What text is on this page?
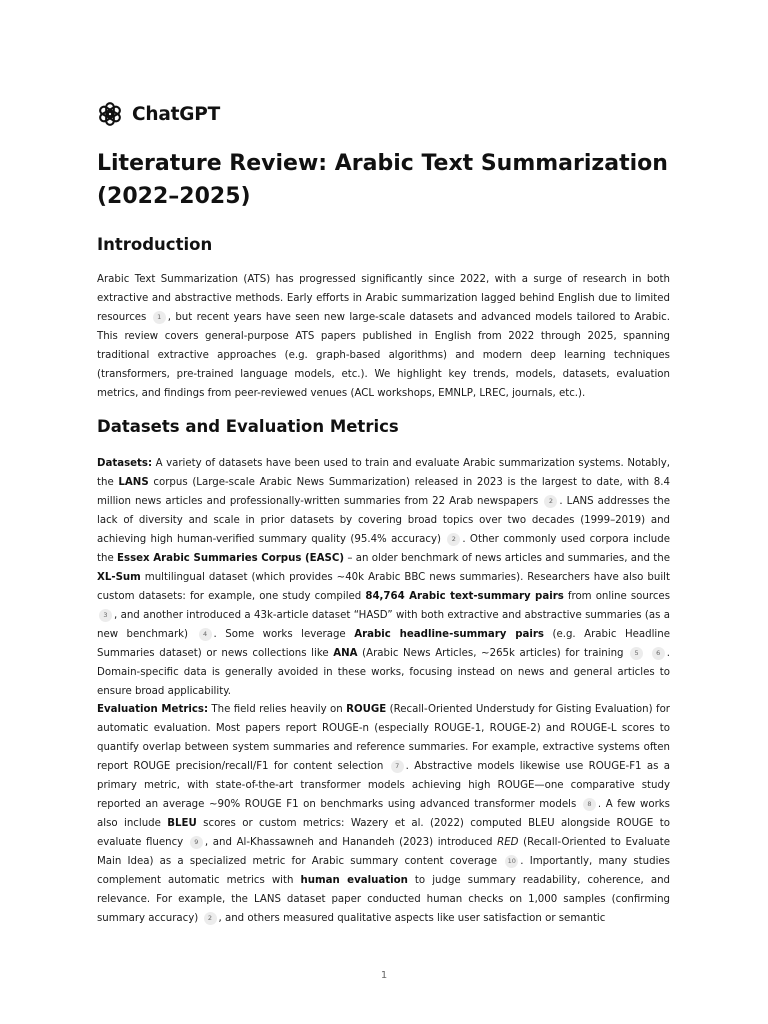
ChatGPT
Literature Review: Arabic Text Summarization (2022–2025)
Introduction

Arabic Text Summarization (ATS) has progressed significantly since 2022, with a surge of research in both extractive and abstractive methods. Early efforts in Arabic summarization lagged behind English due to limited resources 1 , but recent years have seen new large-scale datasets and advanced models tailored to Arabic. This review covers general-purpose ATS papers published in English from 2022 through 2025, spanning traditional extractive approaches (e.g. graph-based algorithms) and modern deep learning techniques (transformers, pre-trained language models, etc.). We highlight key trends, models, datasets, evaluation metrics, and findings from peer-reviewed venues (ACL workshops, EMNLP, LREC, journals, etc.).

Datasets and Evaluation Metrics

Datasets: A variety of datasets have been used to train and evaluate Arabic summarization systems. Notably, the LANS corpus (Large-scale Arabic News Summarization) released in 2023 is the largest to date, with 8.4 million news articles and professionally-written summaries from 22 Arab newspapers 2 . LANS addresses the lack of diversity and scale in prior datasets by covering broad topics over two decades (1999–2019) and achieving high human-verified summary quality (95.4% accuracy) 2 . Other commonly used corpora include the Essex Arabic Summaries Corpus (EASC) – an older benchmark of news articles and summaries, and the XL-Sum multilingual dataset (which provides ~40k Arabic BBC news summaries). Researchers have also built custom datasets: for example, one study compiled 84,764 Arabic text-summary pairs from online sources 3 , and another introduced a 43k-article dataset “HASD” with both extractive and abstractive summaries (as a new benchmark) 4 . Some works leverage Arabic headline-summary pairs (e.g. Arabic Headline Summaries dataset) or news collections like ANA (Arabic News Articles, ~265k articles) for training 5	6 . Domain-specific data is generally avoided in these works, focusing instead on news and general articles to ensure broad applicability.

Evaluation Metrics: The field relies heavily on ROUGE (Recall-Oriented Understudy for Gisting Evaluation) for automatic evaluation. Most papers report ROUGE-n (especially ROUGE-1, ROUGE-2) and ROUGE-L scores to quantify overlap between system summaries and reference summaries. For example, extractive systems often report ROUGE precision/recall/F1 for content selection 7 . Abstractive models likewise use ROUGE-F1 as a primary metric, with state-of-the-art transformer models achieving high ROUGE—one comparative study reported an average ~90% ROUGE F1 on benchmarks using advanced transformer models 8 . A few works also include BLEU scores or custom metrics: Wazery et al. (2022) computed BLEU alongside ROUGE to evaluate fluency 9 , and Al-Khassawneh and Hanandeh (2023) introduced RED (Recall-Oriented to Evaluate Main Idea) as a specialized metric for Arabic summary content coverage 10 . Importantly, many studies complement automatic metrics with human evaluation to judge summary readability, coherence, and relevance. For example, the LANS dataset paper conducted human checks on 1,000 samples (confirming summary accuracy) 2 , and others measured qualitative aspects like user satisfaction or semantic

1
